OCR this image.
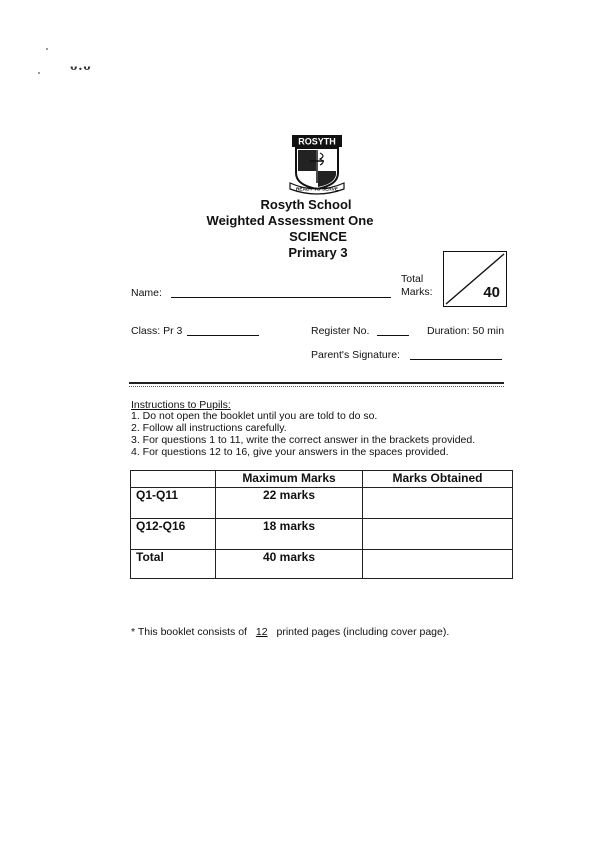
ᴗ.ᴗ
ROSYTH
READY TO SERVE
Rosyth School
Weighted Assessment One
SCIENCE
Primary 3
Name:
Total
Marks:	40
Class: Pr 3	Register No.	Duration: 50 min
Parent's Signature:
Instructions to Pupils:
1. Do not open the booklet until you are told to do so.
2. Follow all instructions carefully.
3. For questions 1 to 11, write the correct answer in the brackets provided.
4. For questions 12 to 16, give your answers in the spaces provided.
	Maximum Marks	Marks Obtained
Q1-Q11	22 marks	
Q12-Q16	18 marks	
Total	40 marks	
* This booklet consists of 12 printed pages (including cover page).
